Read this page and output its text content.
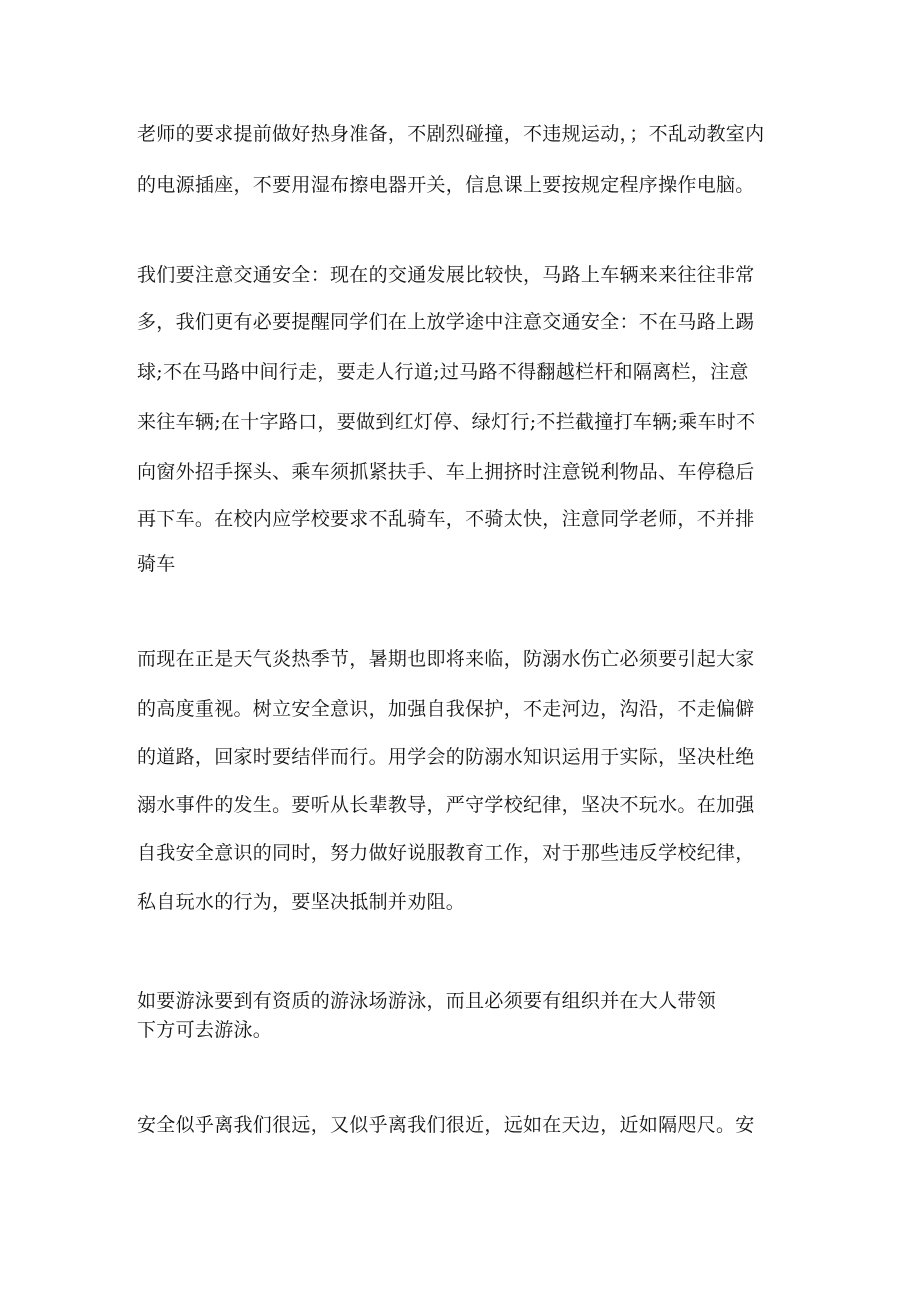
老师的要求提前做好热身准备，不剧烈碰撞，不违规运动，；不乱动教室内
的电源插座，不要用湿布擦电器开关，信息课上要按规定程序操作电脑。
我们要注意交通安全：现在的交通发展比较快，马路上车辆来来往往非常
多，我们更有必要提醒同学们在上放学途中注意交通安全：不在马路上踢
球;不在马路中间行走，要走人行道;过马路不得翻越栏杆和隔离栏，注意
来往车辆;在十字路口，要做到红灯停、绿灯行;不拦截撞打车辆;乘车时不
向窗外招手探头、乘车须抓紧扶手、车上拥挤时注意锐利物品、车停稳后
再下车。在校内应学校要求不乱骑车，不骑太快，注意同学老师，不并排
骑车
而现在正是天气炎热季节，暑期也即将来临，防溺水伤亡必须要引起大家
的高度重视。树立安全意识，加强自我保护，不走河边，沟沿，不走偏僻
的道路，回家时要结伴而行。用学会的防溺水知识运用于实际，坚决杜绝
溺水事件的发生。要听从长辈教导，严守学校纪律，坚决不玩水。在加强
自我安全意识的同时，努力做好说服教育工作，对于那些违反学校纪律，
私自玩水的行为，要坚决抵制并劝阻。
如要游泳要到有资质的游泳场游泳，而且必须要有组织并在大人带领
下方可去游泳。
安全似乎离我们很远，又似乎离我们很近，远如在天边，近如隔咫尺。安
